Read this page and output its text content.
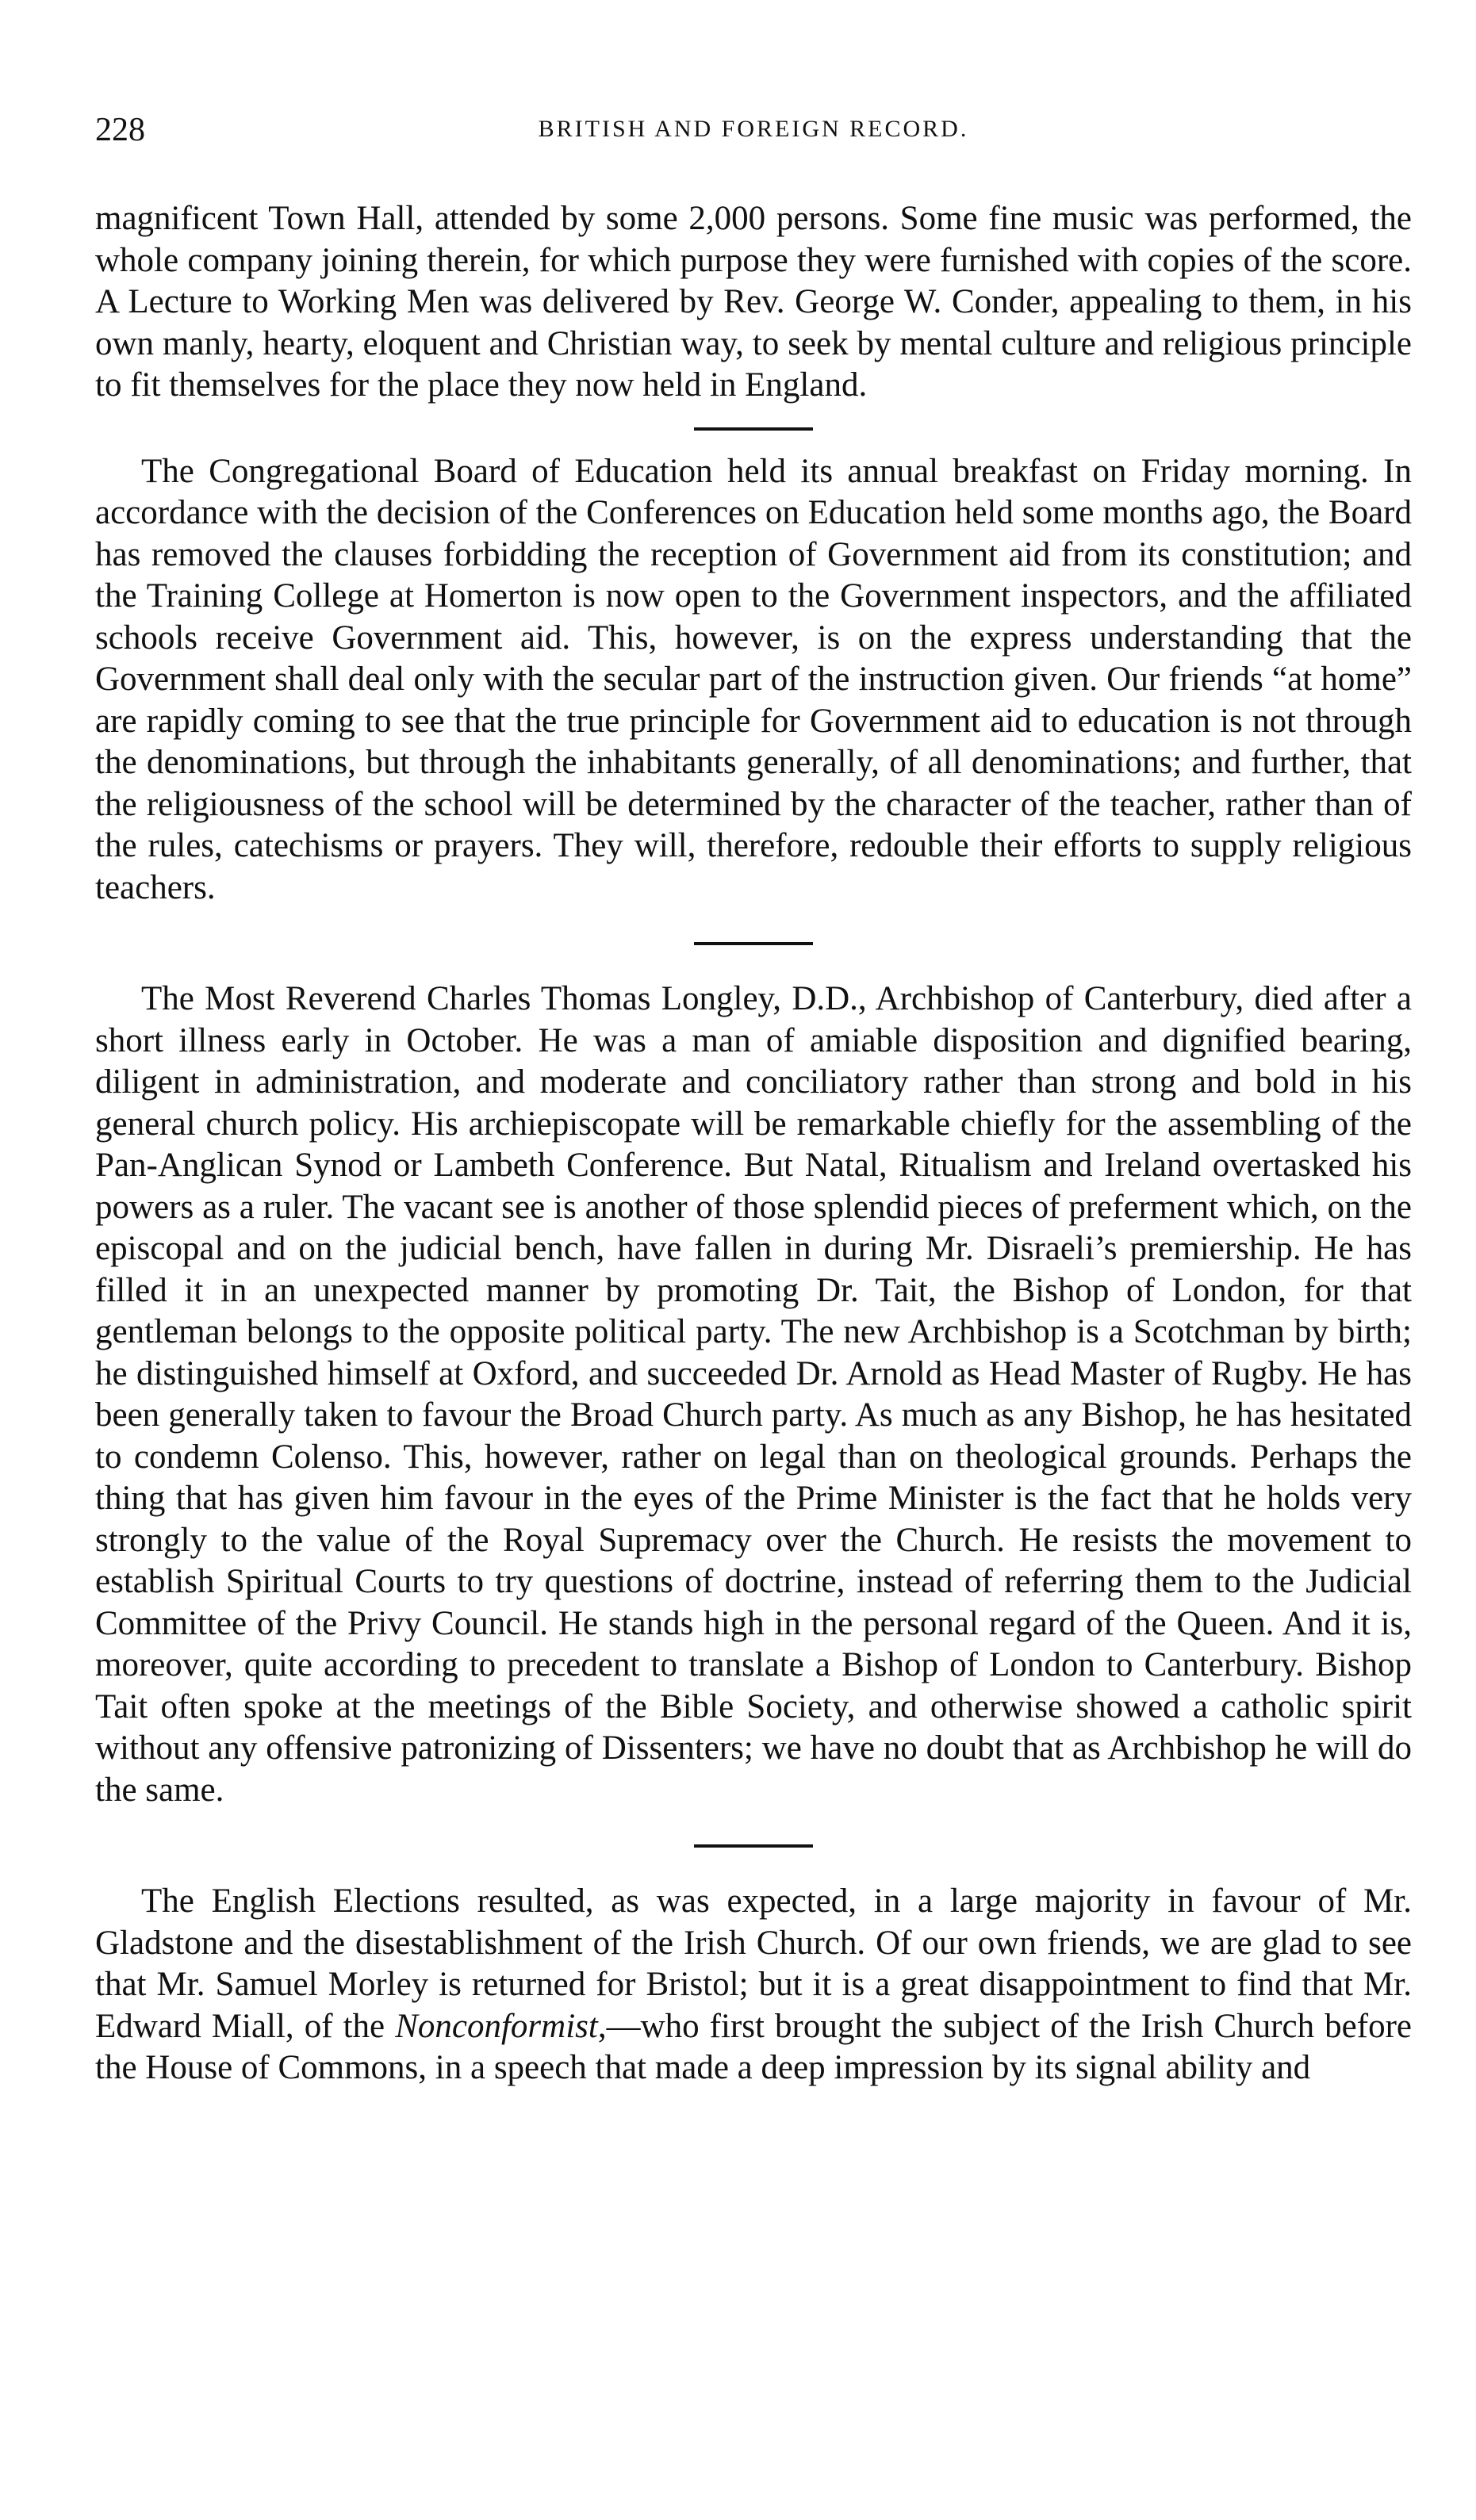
228	BRITISH AND FOREIGN RECORD.

magnificent Town Hall, attended by some 2,000 persons. Some fine music was performed, the whole company joining therein, for which purpose they were furnished with copies of the score. A Lecture to Working Men was delivered by Rev. George W. Conder, appealing to them, in his own manly, hearty, eloquent and Christian way, to seek by mental culture and religious principle to fit themselves for the place they now held in England.

The Congregational Board of Education held its annual breakfast on Friday morning. In accordance with the decision of the Conferences on Education held some months ago, the Board has removed the clauses forbidding the reception of Government aid from its constitution; and the Training College at Homerton is now open to the Government inspectors, and the affiliated schools receive Government aid. This, however, is on the express understanding that the Government shall deal only with the secular part of the instruction given. Our friends “at home” are rapidly coming to see that the true principle for Government aid to education is not through the denominations, but through the inhabitants generally, of all denominations; and further, that the religiousness of the school will be determined by the character of the teacher, rather than of the rules, catechisms or prayers. They will, therefore, redouble their efforts to supply religious teachers.

The Most Reverend Charles Thomas Longley, D.D., Archbishop of Canterbury, died after a short illness early in October. He was a man of amiable disposition and dignified bearing, diligent in administration, and moderate and conciliatory rather than strong and bold in his general church policy. His archiepiscopate will be remarkable chiefly for the assembling of the Pan-Anglican Synod or Lambeth Conference. But Natal, Ritualism and Ireland overtasked his powers as a ruler. The vacant see is another of those splendid pieces of preferment which, on the episcopal and on the judicial bench, have fallen in during Mr. Disraeli’s premiership. He has filled it in an unexpected manner by promoting Dr. Tait, the Bishop of London, for that gentleman belongs to the opposite political party. The new Archbishop is a Scotchman by birth; he distinguished himself at Oxford, and succeeded Dr. Arnold as Head Master of Rugby. He has been generally taken to favour the Broad Church party. As much as any Bishop, he has hesitated to condemn Colenso. This, however, rather on legal than on theological grounds. Perhaps the thing that has given him favour in the eyes of the Prime Minister is the fact that he holds very strongly to the value of the Royal Supremacy over the Church. He resists the movement to establish Spiritual Courts to try questions of doctrine, instead of referring them to the Judicial Committee of the Privy Council. He stands high in the personal regard of the Queen. And it is, moreover, quite according to precedent to translate a Bishop of London to Canterbury. Bishop Tait often spoke at the meetings of the Bible Society, and otherwise showed a catholic spirit without any offensive patronizing of Dissenters; we have no doubt that as Archbishop he will do the same.

The English Elections resulted, as was expected, in a large majority in favour of Mr. Gladstone and the disestablishment of the Irish Church. Of our own friends, we are glad to see that Mr. Samuel Morley is returned for Bristol; but it is a great disappointment to find that Mr. Edward Miall, of the Nonconformist,—who first brought the subject of the Irish Church before the House of Commons, in a speech that made a deep impression by its signal ability and
